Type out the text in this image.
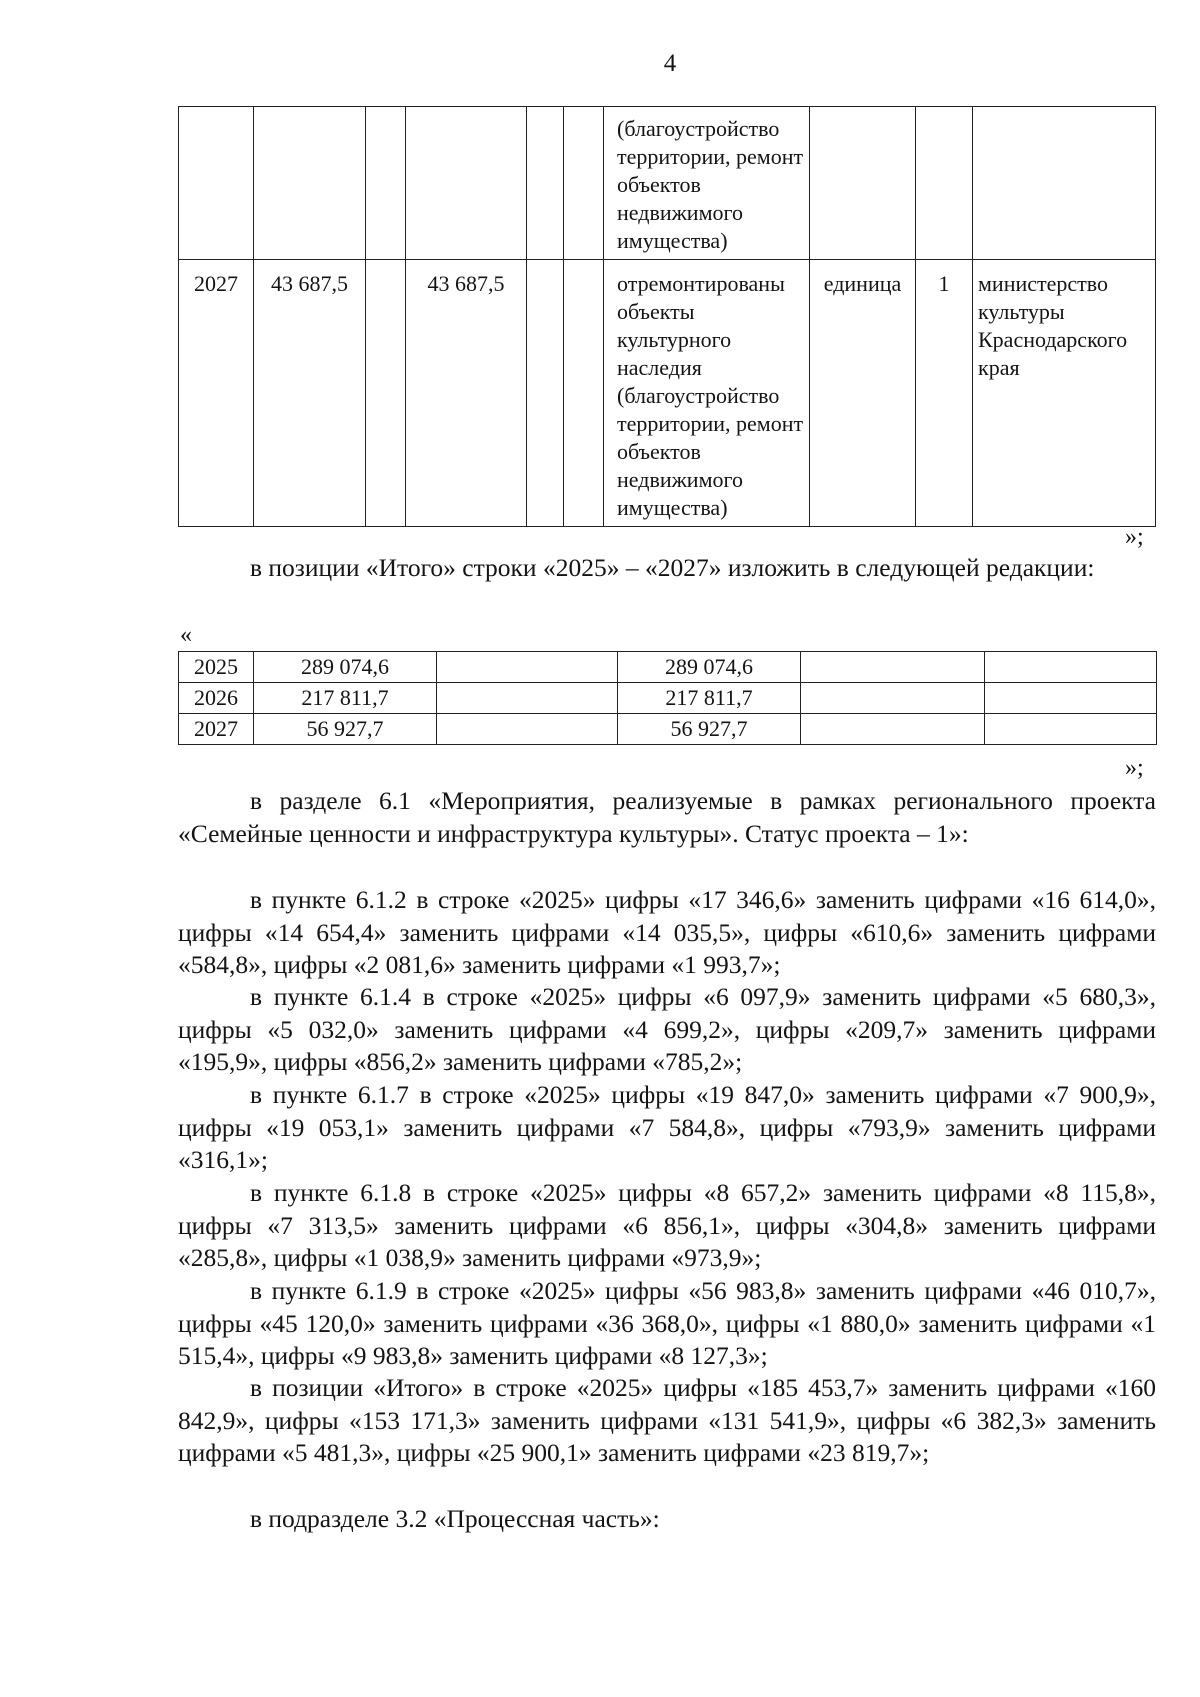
4
						(благоустройство территории, ремонт объектов недвижимого имущества)			
2027	43 687,5		43 687,5			отремонтированы объекты культурного наследия (благоустройство территории, ремонт объектов недвижимого имущества)	единица	1	министерство культуры Краснодарского края
»;

в позиции «Итого» строки «2025» – «2027» изложить в следующей редакции:

«
2025	289 074,6		289 074,6		
2026	217 811,7		217 811,7		
2027	56 927,7		56 927,7		
»;

в разделе 6.1 «Мероприятия, реализуемые в рамках регионального проекта «Семейные ценности и инфраструктура культуры». Статус проекта – 1»:

в пункте 6.1.2 в строке «2025» цифры «17 346,6» заменить цифрами «16 614,0», цифры «14 654,4» заменить цифрами «14 035,5», цифры «610,6» заменить цифрами «584,8», цифры «2 081,6» заменить цифрами «1 993,7»;

в пункте 6.1.4 в строке «2025» цифры «6 097,9» заменить цифрами «5 680,3», цифры «5 032,0» заменить цифрами «4 699,2», цифры «209,7» заменить цифрами «195,9», цифры «856,2» заменить цифрами «785,2»;

в пункте 6.1.7 в строке «2025» цифры «19 847,0» заменить цифрами «7 900,9», цифры «19 053,1» заменить цифрами «7 584,8», цифры «793,9» заменить цифрами «316,1»;

в пункте 6.1.8 в строке «2025» цифры «8 657,2» заменить цифрами «8 115,8», цифры «7 313,5» заменить цифрами «6 856,1», цифры «304,8» заменить цифрами «285,8», цифры «1 038,9» заменить цифрами «973,9»;

в пункте 6.1.9 в строке «2025» цифры «56 983,8» заменить цифрами «46 010,7», цифры «45 120,0» заменить цифрами «36 368,0», цифры «1 880,0» заменить цифрами «1 515,4», цифры «9 983,8» заменить цифрами «8 127,3»;

в позиции «Итого» в строке «2025» цифры «185 453,7» заменить цифрами «160 842,9», цифры «153 171,3» заменить цифрами «131 541,9», цифры «6 382,3» заменить цифрами «5 481,3», цифры «25 900,1» заменить цифрами «23 819,7»;

в подразделе 3.2 «Процессная часть»:
